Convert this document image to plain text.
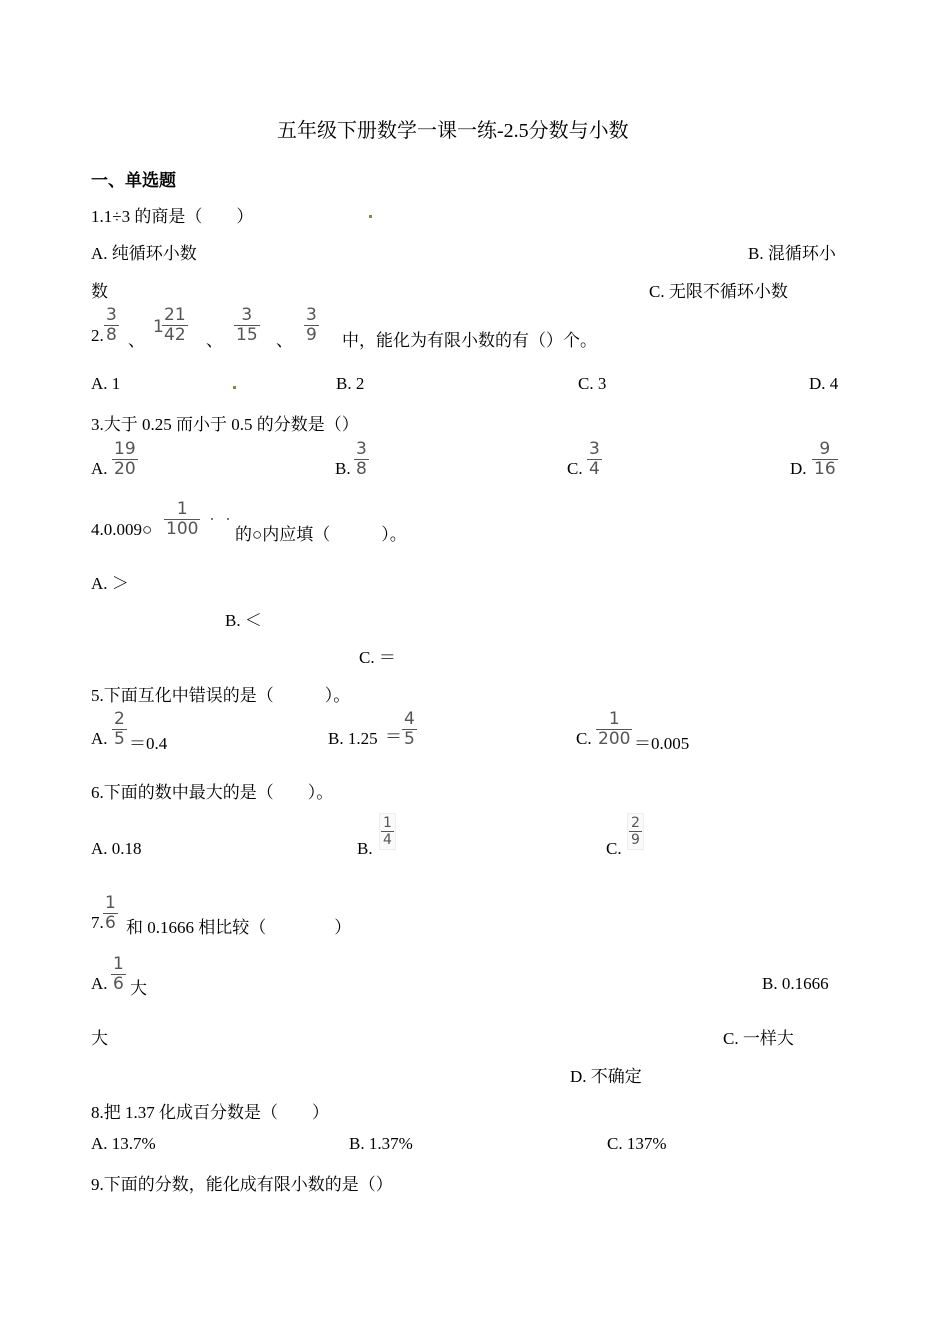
五年级下册数学一课一练-2.5分数与小数
一、单选题
1.1÷3 的商是（　　）
A. 纯循环小数	B. 混循环小
数	C. 无限不循环小数
2.
3
8 、
1
21
42 、
3
15 、
3
9 中，能化为有限小数的有（）个。
A. 1	B. 2	C. 3	D. 4
3.大于 0.25 而小于 0.5 的分数是（）
A.
19
20	B.
3
8	C.
3
4	D.
9
16
4.0.009○
1
100 的○内应填（　　　）。
A. ＞
B. ＜
C. ＝
5.下面互化中错误的是（　　　）。
A.
2
5 ＝0.4	B. 1.25 ＝
4
5	C.
1
200 ＝0.005
6.下面的数中最大的是（　　）。
A. 0.18	B.
1
4	C.
2
9
7.
1
6 和 0.1666 相比较（　　　　）
A.
1
6 大	B. 0.1666
大	C. 一样大
D. 不确定
8.把 1.37 化成百分数是（　　）
A. 13.7%	B. 1.37%	C. 137%
9.下面的分数，能化成有限小数的是（）
